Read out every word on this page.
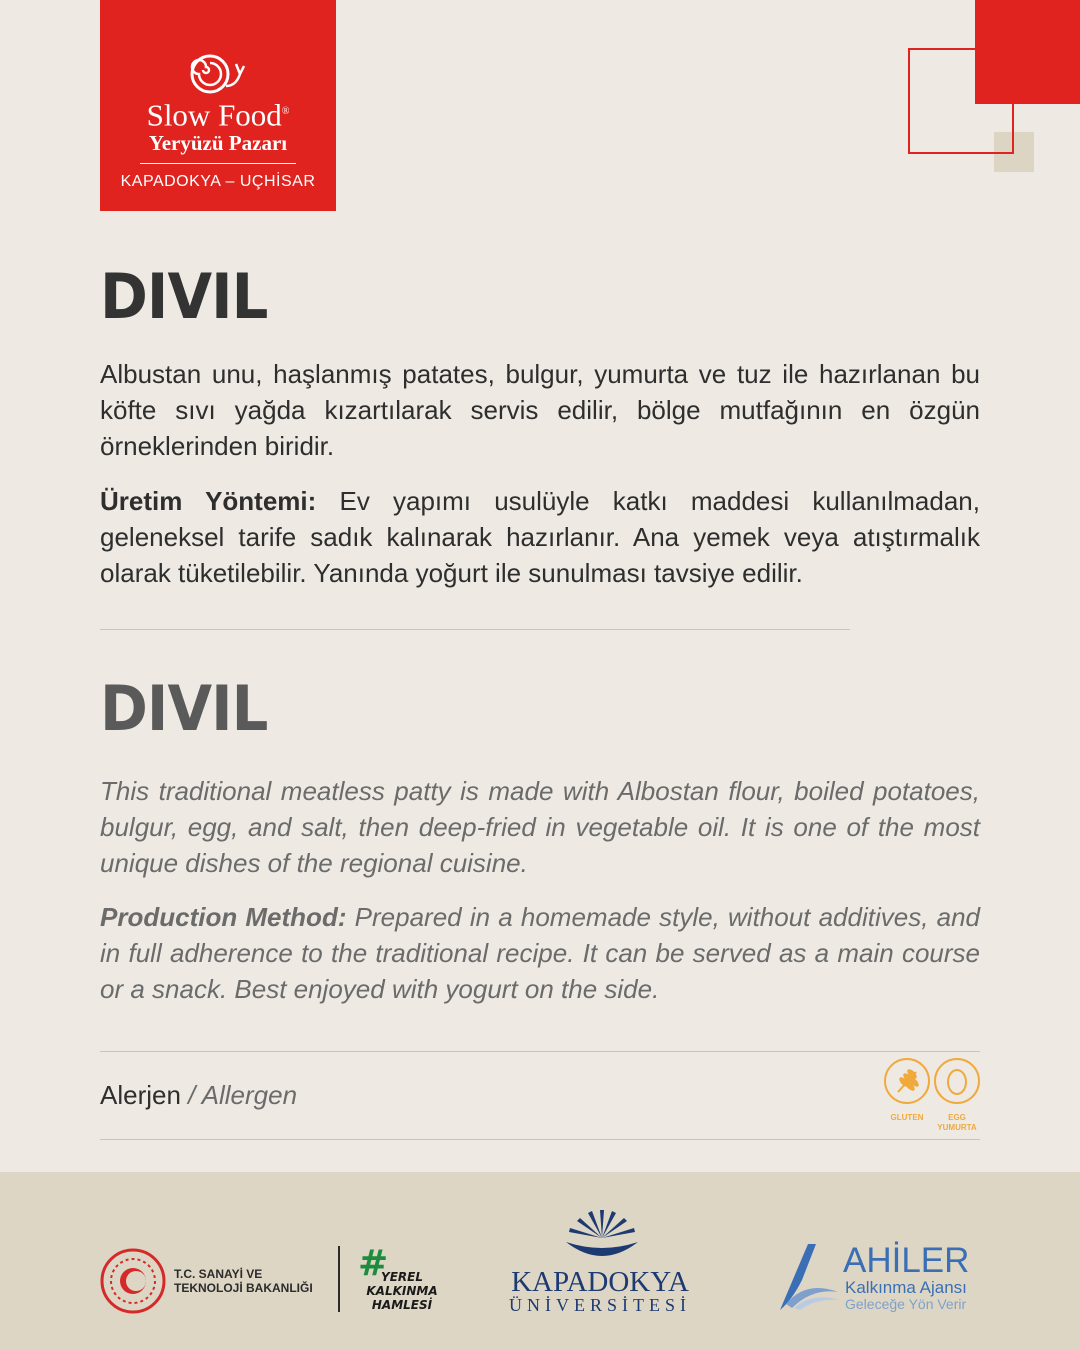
Slow Food®
Yeryüzü Pazarı
KAPADOKYA – UÇHİSAR
DIVIL

Albustan unu, haşlanmış patates, bulgur, yumurta ve tuz ile hazırlanan bu köfte sıvı yağda kızartılarak servis edilir, bölge mutfağının en özgün örneklerinden biridir.

Üretim Yöntemi: Ev yapımı usulüyle katkı maddesi kullanılmadan, geleneksel tarife sadık kalınarak hazırlanır. Ana yemek veya atıştırmalık olarak tüketilebilir. Yanında yoğurt ile sunulması tavsiye edilir.

DIVIL

This traditional meatless patty is made with Albostan flour, boiled potatoes, bulgur, egg, and salt, then deep-fried in vegetable oil. It is one of the most unique dishes of the regional cuisine.

Production Method: Prepared in a homemade style, without additives, and in full adherence to the traditional recipe. It can be served as a main course or a snack. Best enjoyed with yogurt on the side.

Alerjen / Allergen
GLUTEN	EGG
YUMURTA
T.C. SANAYİ VE
TEKNOLOJİ BAKANLIĞI
#
YEREL
KALKINMA
HAMLESİ
KAPADOKYA
ÜNİVERSİTESİ
AHİLER
Kalkınma Ajansı
Geleceğe Yön Verir
